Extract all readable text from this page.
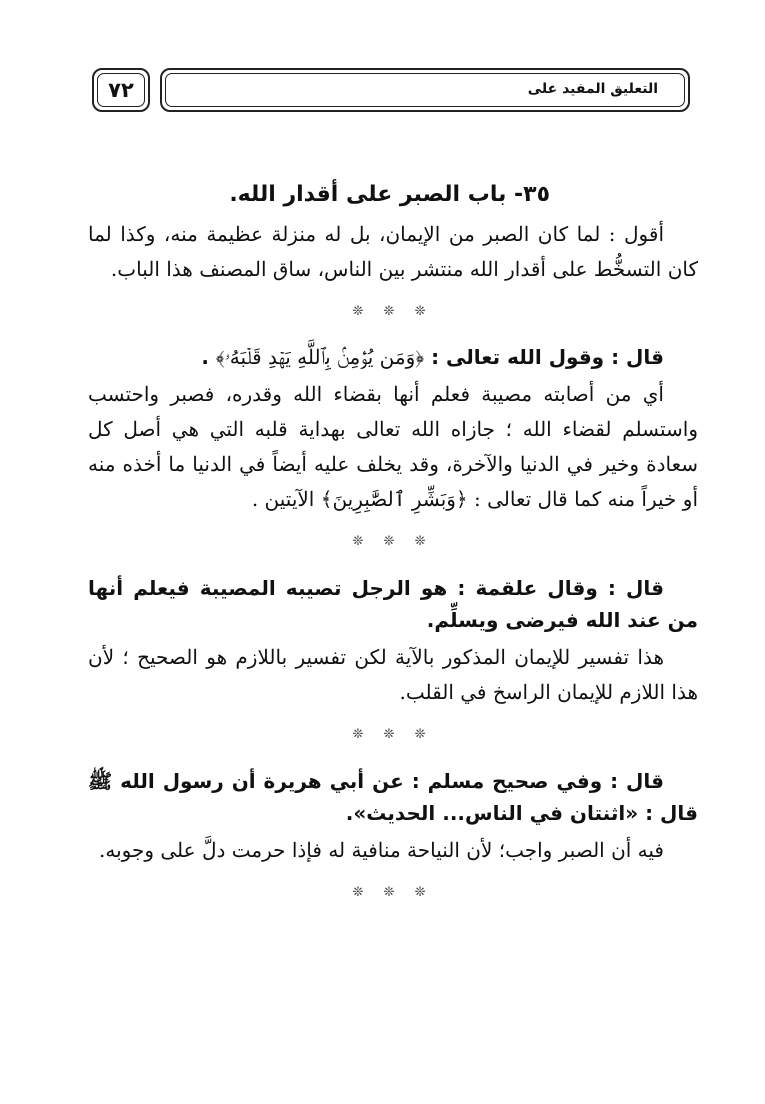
٧٢	التعليق المفيد على

٣٥- باب الصبر على أقدار الله.

أقول : لما كان الصبر من الإيمان، بل له منزلة عظيمة منه، وكذا لما كان التسخُّط على أقدار الله منتشر بين الناس، ساق المصنف هذا الباب.

❊ ❊ ❊

قال : وقول الله تعالى : ﴿وَمَن يُؤۡمِنۢ بِٱللَّهِ يَهۡدِ قَلۡبَهُۥ﴾ .

أي من أصابته مصيبة فعلم أنها بقضاء الله وقدره، فصبر واحتسب واستسلم لقضاء الله ؛ جازاه الله تعالى بهداية قلبه التي هي أصل كل سعادة وخير في الدنيا والآخرة، وقد يخلف عليه أيضاً في الدنيا ما أخذه منه أو خيراً منه كما قال تعالى : ﴿وَبَشِّرِ ٱلصَّٰبِرِينَ﴾ الآيتين .

❊ ❊ ❊

قال : وقال علقمة : هو الرجل تصيبه المصيبة فيعلم أنها من عند الله فيرضى ويسلِّم.

هذا تفسير للإيمان المذكور بالآية لكن تفسير باللازم هو الصحيح ؛ لأن هذا اللازم للإيمان الراسخ في القلب.

❊ ❊ ❊

قال : وفي صحيح مسلم : عن أبي هريرة أن رسول الله ﷺ قال : «اثنتان في الناس... الحديث».

فيه أن الصبر واجب؛ لأن النياحة منافية له فإذا حرمت دلَّ على وجوبه.

❊ ❊ ❊
